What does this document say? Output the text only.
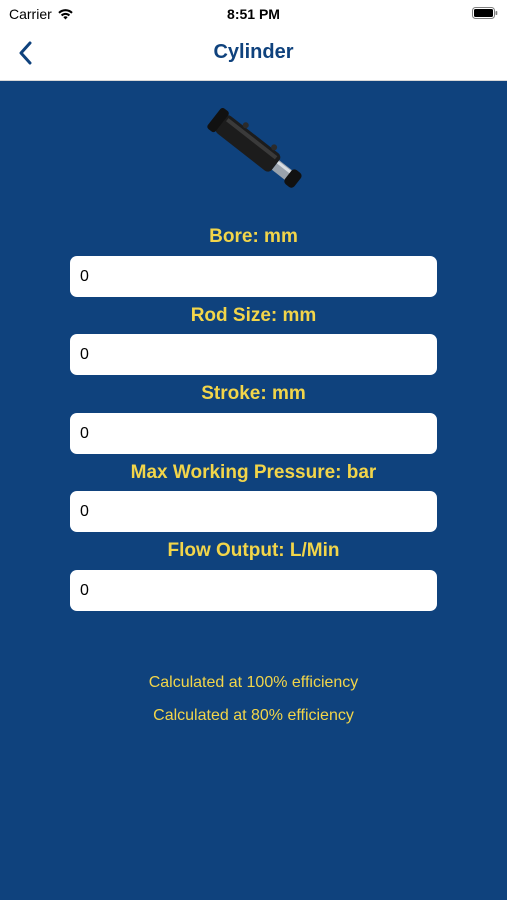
Carrier	8:51 PM
Cylinder
Bore: mm
0
Rod Size: mm
0
Stroke: mm
0
Max Working Pressure: bar
0
Flow Output: L/Min
0
Calculated at 100% efficiency
Calculated at 80% efficiency
